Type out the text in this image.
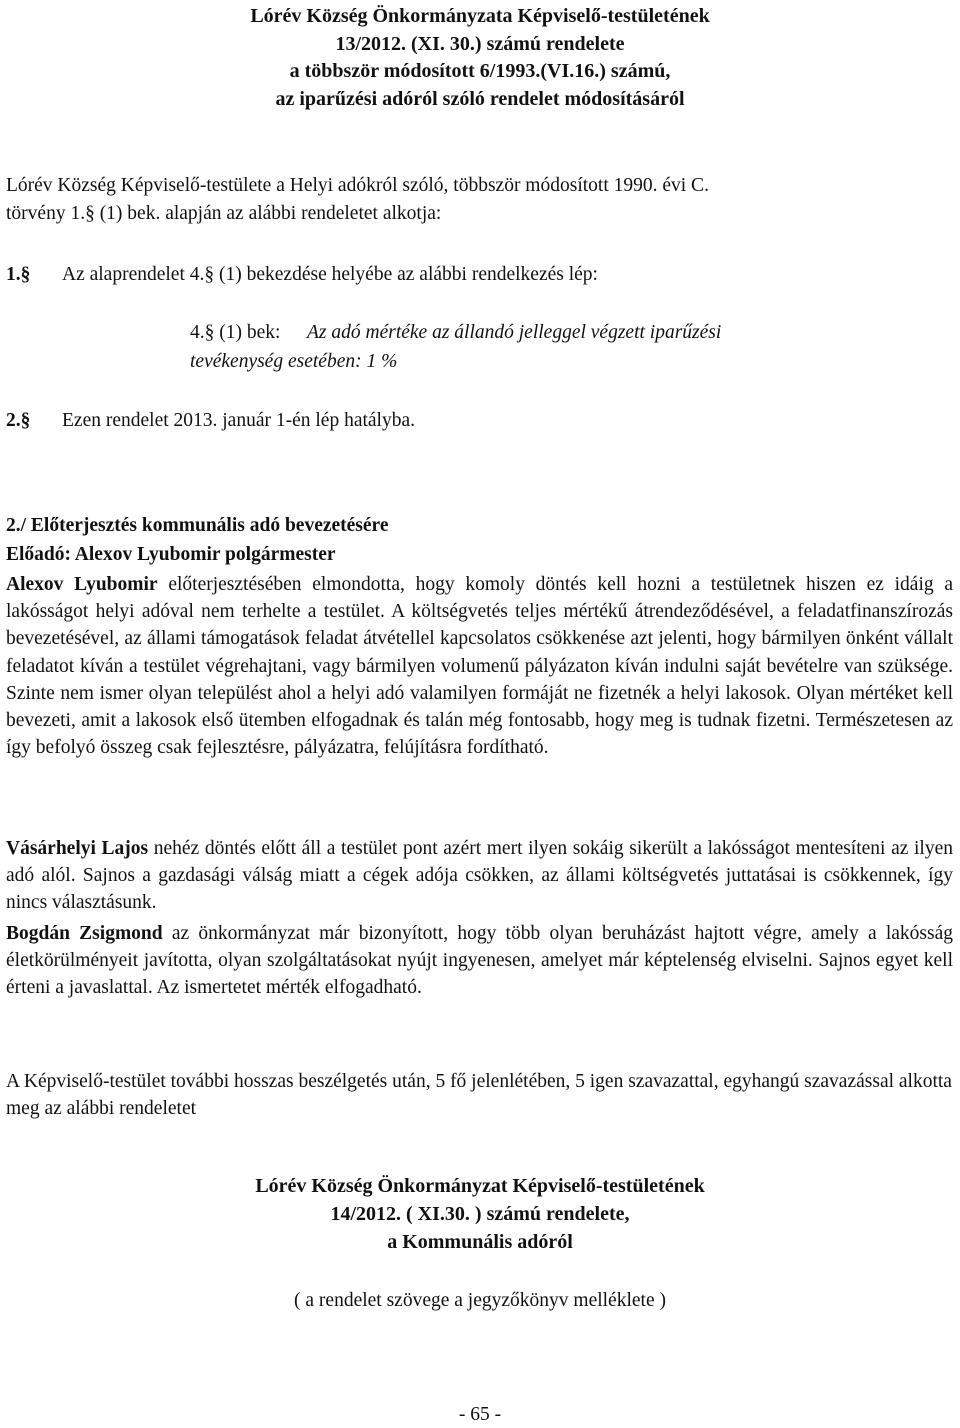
Lórév Község Önkormányzata Képviselő-testületének
13/2012. (XI. 30.) számú rendelete
a többször módosított 6/1993.(VI.16.) számú,
az iparűzési adóról szóló rendelet módosításáról
Lórév Község Képviselő-testülete a Helyi adókról szóló, többször módosított 1990. évi C.
törvény 1.§ (1) bek. alapján az alábbi rendeletet alkotja:
1.§ Az alaprendelet 4.§ (1) bekezdése helyébe az alábbi rendelkezés lép:
4.§ (1) bek: Az adó mértéke az állandó jelleggel végzett iparűzési
tevékenység esetében: 1 %
2.§ Ezen rendelet 2013. január 1-én lép hatályba.
2./ Előterjesztés kommunális adó bevezetésére
Előadó: Alexov Lyubomir polgármester
Alexov Lyubomir előterjesztésében elmondotta, hogy komoly döntés kell hozni a testületnek hiszen ez idáig a lakósságot helyi adóval nem terhelte a testület. A költségvetés teljes mértékű átrendeződésével, a feladatfinanszírozás bevezetésével, az állami támogatások feladat átvétellel kapcsolatos csökkenése azt jelenti, hogy bármilyen önként vállalt feladatot kíván a testület végrehajtani, vagy bármilyen volumenű pályázaton kíván indulni saját bevételre van szüksége. Szinte nem ismer olyan települést ahol a helyi adó valamilyen formáját ne fizetnék a helyi lakosok. Olyan mértéket kell bevezeti, amit a lakosok első ütemben elfogadnak és talán még fontosabb, hogy meg is tudnak fizetni. Természetesen az így befolyó összeg csak fejlesztésre, pályázatra, felújításra fordítható.
Vásárhelyi Lajos nehéz döntés előtt áll a testület pont azért mert ilyen sokáig sikerült a lakósságot mentesíteni az ilyen adó alól. Sajnos a gazdasági válság miatt a cégek adója csökken, az állami költségvetés juttatásai is csökkennek, így nincs választásunk.
Bogdán Zsigmond az önkormányzat már bizonyított, hogy több olyan beruházást hajtott végre, amely a lakósság életkörülményeit javította, olyan szolgáltatásokat nyújt ingyenesen, amelyet már képtelenség elviselni. Sajnos egyet kell érteni a javaslattal. Az ismertetet mérték elfogadható.
A Képviselő-testület további hosszas beszélgetés után, 5 fő jelenlétében, 5 igen szavazattal, egyhangú szavazással alkotta meg az alábbi rendeletet
Lórév Község Önkormányzat Képviselő-testületének
14/2012. ( XI.30. ) számú rendelete,
a Kommunális adóról
( a rendelet szövege a jegyzőkönyv melléklete )
- 65 -
